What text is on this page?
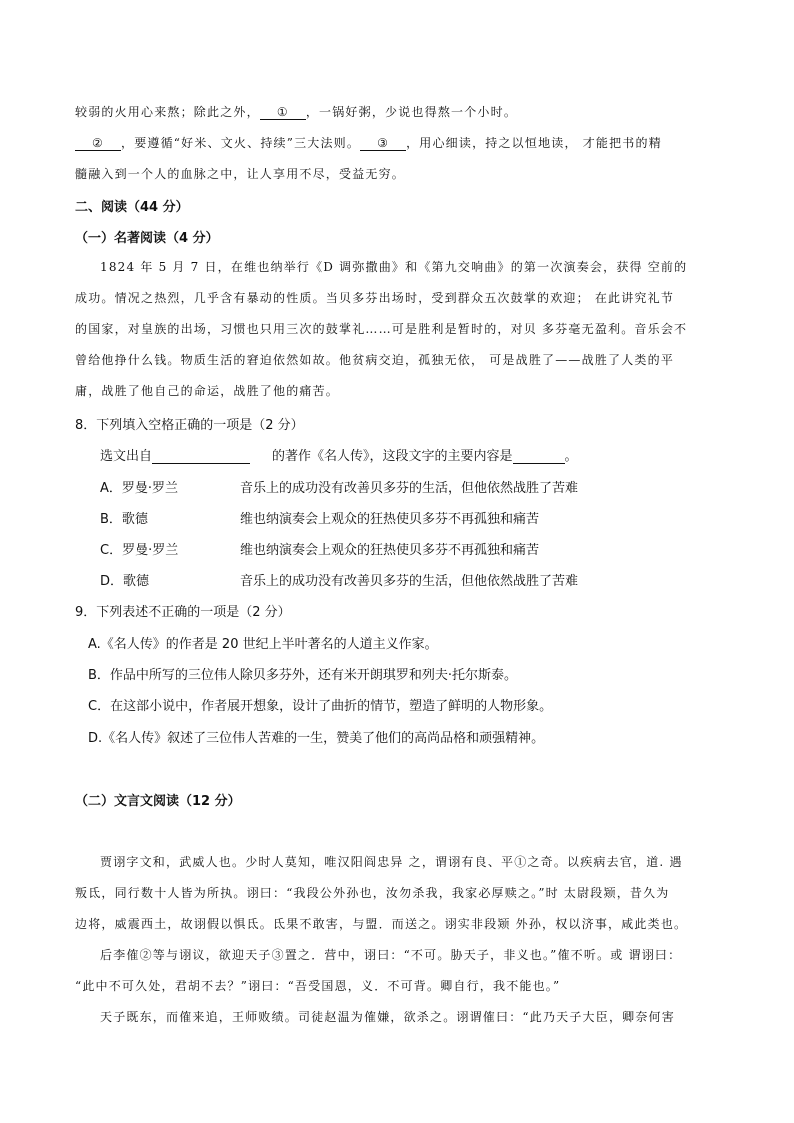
较弱的火用心来熬；除此之外， ① ，一锅好粥，少说也得熬一个小时。
② ，要遵循“好米、文火、持续”三大法则。 ③ ，用心细读，持之以恒地读， 才能把书的精
髓融入到一个人的血脉之中，让人享用不尽，受益无穷。
二、阅读（44 分）
（一）名著阅读（4 分）
1824 年 5 月 7 日，在维也纳举行《D 调弥撒曲》和《第九交响曲》的第一次演奏会，获得 空前的
成功。情况之热烈，几乎含有暴动的性质。当贝多芬出场时，受到群众五次鼓掌的欢迎； 在此讲究礼节
的国家，对皇族的出场，习惯也只用三次的鼓掌礼……可是胜利是暂时的，对贝 多芬毫无盈利。音乐会不
曾给他挣什么钱。物质生活的窘迫依然如故。他贫病交迫，孤独无依， 可是战胜了——战胜了人类的平
庸，战胜了他自己的命运，战胜了他的痛苦。
8．下列填入空格正确的一项是（2 分）
选文出自	的著作《名人传》，这段文字的主要内容是	。
A．罗曼·罗兰	音乐上的成功没有改善贝多芬的生活，但他依然战胜了苦难
B．歌德	维也纳演奏会上观众的狂热使贝多芬不再孤独和痛苦
C．罗曼·罗兰	维也纳演奏会上观众的狂热使贝多芬不再孤独和痛苦
D．歌德	音乐上的成功没有改善贝多芬的生活，但他依然战胜了苦难
9．下列表述不正确的一项是（2 分）
A.《名人传》的作者是 20 世纪上半叶著名的人道主义作家。
B．作品中所写的三位伟人除贝多芬外，还有米开朗琪罗和列夫·托尔斯泰。
C．在这部小说中，作者展开想象，设计了曲折的情节，塑造了鲜明的人物形象。
D.《名人传》叙述了三位伟人苦难的一生，赞美了他们的高尚品格和顽强精神。
（二）文言文阅读（12 分）
贾诩字文和，武威人也。少时人莫知，唯汉阳阎忠异 之，谓诩有良、平①之奇。以疾病去官，道. 遇
叛氐，同行数十人皆为所执。诩曰：“我段公外孙也，汝勿杀我，我家必厚赎之。”时 太尉段颎，昔久为
边将，威震西土，故诩假以惧氐。氐果不敢害，与盟．而送之。诩实非段颎 外孙，权以济事，咸此类也。
后李傕②等与诩议，欲迎天子③置之．营中，诩曰：“不可。胁天子，非义也。”傕不听。或 谓诩曰：
“此中不可久处，君胡不去？”诩曰：“吾受国恩，义．不可背。卿自行，我不能也。”
天子既东，而傕来追，王师败绩。司徒赵温为傕嫌，欲杀之。诩谓傕曰：“此乃天子大臣，卿奈何害
